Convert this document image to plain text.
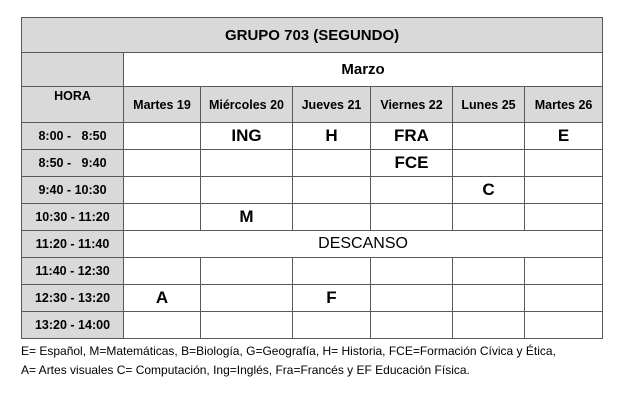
GRUPO 703 (SEGUNDO)						
	Marzo					
HORA	Martes 19	Miércoles 20	Jueves 21	Viernes 22	Lunes 25	Martes 26
8:00 -   8:50		ING	H	FRA		E
8:50 -   9:40				FCE		
9:40 - 10:30					C	
10:30 - 11:20		M				
11:20 - 11:40	DESCANSO					
11:40 - 12:30						
12:30 - 13:20	A		F			
13:20 - 14:00						
E= Español, M=Matemáticas, B=Biología, G=Geografía, H= Historia, FCE=Formación Cívica y Ética,
A= Artes visuales C= Computación, Ing=Inglés, Fra=Francés y EF Educación Física.
